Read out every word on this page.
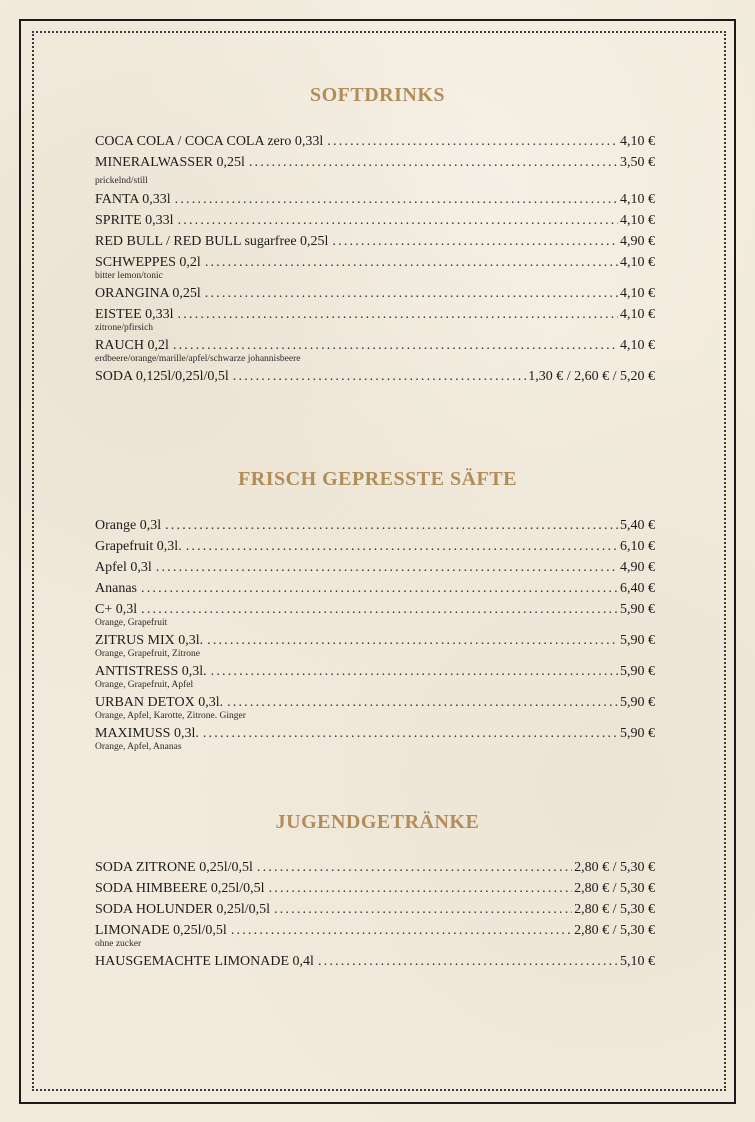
SOFTDRINKS
COCA COLA / COCA COLA zero 0,33l .....	4,10 €
MINERALWASSER 0,25l .....	3,50 €
prickelnd/still
FANTA 0,33l .....	4,10 €
SPRITE 0,33l .....	4,10 €
RED BULL / RED BULL sugarfree 0,25l .....	4,90 €
SCHWEPPES 0,2l .....	4,10 €
bitter lemon/tonic
ORANGINA 0,25l .....	4,10 €
EISTEE 0,33l .....	4,10 €
zitrone/pfirsich
RAUCH 0,2l .....	4,10 €
erdbeere/orange/marille/apfel/schwarze johannisbeere
SODA 0,125l/0,25l/0,5l .....	1,30 € / 2,60 € / 5,20 €
FRISCH GEPRESSTE SÄFTE
Orange 0,3l .....	5,40 €
Grapefruit 0,3l. .....	6,10 €
Apfel 0,3l .....	4,90 €
Ananas .....	6,40 €
C+ 0,3l .....	5,90 €
Orange, Grapefruit
ZITRUS MIX 0,3l. .....	5,90 €
Orange, Grapefruit, Zitrone
ANTISTRESS 0,3l. .....	5,90 €
Orange, Grapefruit, Apfel
URBAN DETOX 0,3l. .....	5,90 €
Orange, Apfel, Karotte, Zitrone. Ginger
MAXIMUSS 0,3l. .....	5,90 €
Orange, Apfel, Ananas
JUGENDGETRÄNKE
SODA ZITRONE 0,25l/0,5l .....	2,80 € / 5,30 €
SODA HIMBEERE 0,25l/0,5l .....	2,80 € / 5,30 €
SODA HOLUNDER 0,25l/0,5l .....	2,80 € / 5,30 €
LIMONADE 0,25l/0,5l .....	2,80 € / 5,30 €
ohne zucker
HAUSGEMACHTE LIMONADE 0,4l .....	5,10 €
